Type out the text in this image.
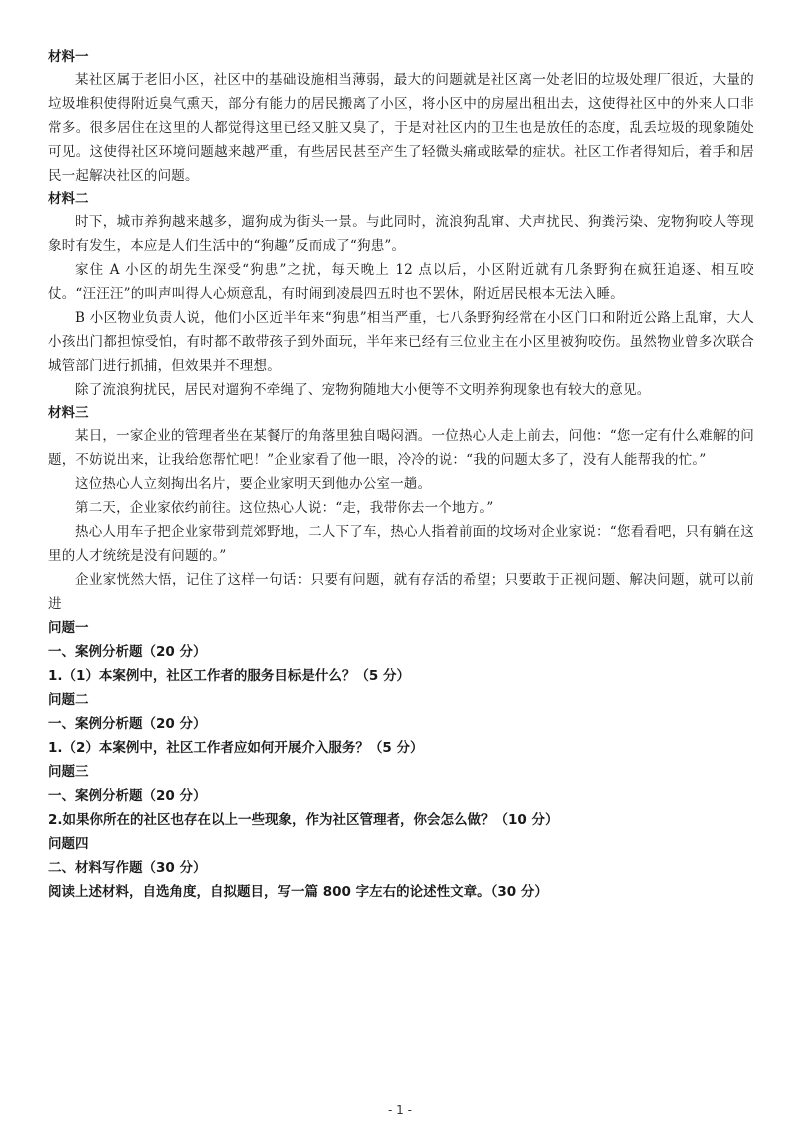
材料一

某社区属于老旧小区，社区中的基础设施相当薄弱，最大的问题就是社区离一处老旧的垃圾处理厂很近，大量的垃圾堆积使得附近臭气熏天，部分有能力的居民搬离了小区，将小区中的房屋出租出去，这使得社区中的外来人口非常多。很多居住在这里的人都觉得这里已经又脏又臭了，于是对社区内的卫生也是放任的态度，乱丢垃圾的现象随处可见。这使得社区环境问题越来越严重，有些居民甚至产生了轻微头痛或眩晕的症状。社区工作者得知后，着手和居民一起解决社区的问题。

材料二

时下，城市养狗越来越多，遛狗成为街头一景。与此同时，流浪狗乱窜、犬声扰民、狗粪污染、宠物狗咬人等现象时有发生，本应是人们生活中的“狗趣”反而成了“狗患”。

家住 A 小区的胡先生深受“狗患”之扰，每天晚上 12 点以后，小区附近就有几条野狗在疯狂追逐、相互咬仗。“汪汪汪”的叫声叫得人心烦意乱，有时闹到凌晨四五时也不罢休，附近居民根本无法入睡。

B 小区物业负责人说，他们小区近半年来“狗患”相当严重，七八条野狗经常在小区门口和附近公路上乱窜，大人小孩出门都担惊受怕，有时都不敢带孩子到外面玩，半年来已经有三位业主在小区里被狗咬伤。虽然物业曾多次联合城管部门进行抓捕，但效果并不理想。

除了流浪狗扰民，居民对遛狗不牵绳了、宠物狗随地大小便等不文明养狗现象也有较大的意见。

材料三

某日，一家企业的管理者坐在某餐厅的角落里独自喝闷酒。一位热心人走上前去，问他：“您一定有什么难解的问题，不妨说出来，让我给您帮忙吧！”企业家看了他一眼，冷冷的说：“我的问题太多了，没有人能帮我的忙。”

这位热心人立刻掏出名片，要企业家明天到他办公室一趟。

第二天，企业家依约前往。这位热心人说：“走，我带你去一个地方。”

热心人用车子把企业家带到荒郊野地，二人下了车，热心人指着前面的坟场对企业家说：“您看看吧，只有躺在这里的人才统统是没有问题的。”

企业家恍然大悟，记住了这样一句话：只要有问题，就有存活的希望；只要敢于正视问题、解决问题，就可以前进

问题一

一、案例分析题（20 分）

1.（1）本案例中，社区工作者的服务目标是什么？（5 分）

问题二

一、案例分析题（20 分）

1.（2）本案例中，社区工作者应如何开展介入服务？（5 分）

问题三

一、案例分析题（20 分）

2.如果你所在的社区也存在以上一些现象，作为社区管理者，你会怎么做？（10 分）

问题四

二、材料写作题（30 分）

阅读上述材料，自选角度，自拟题目，写一篇 800 字左右的论述性文章。（30 分）

- 1 -
